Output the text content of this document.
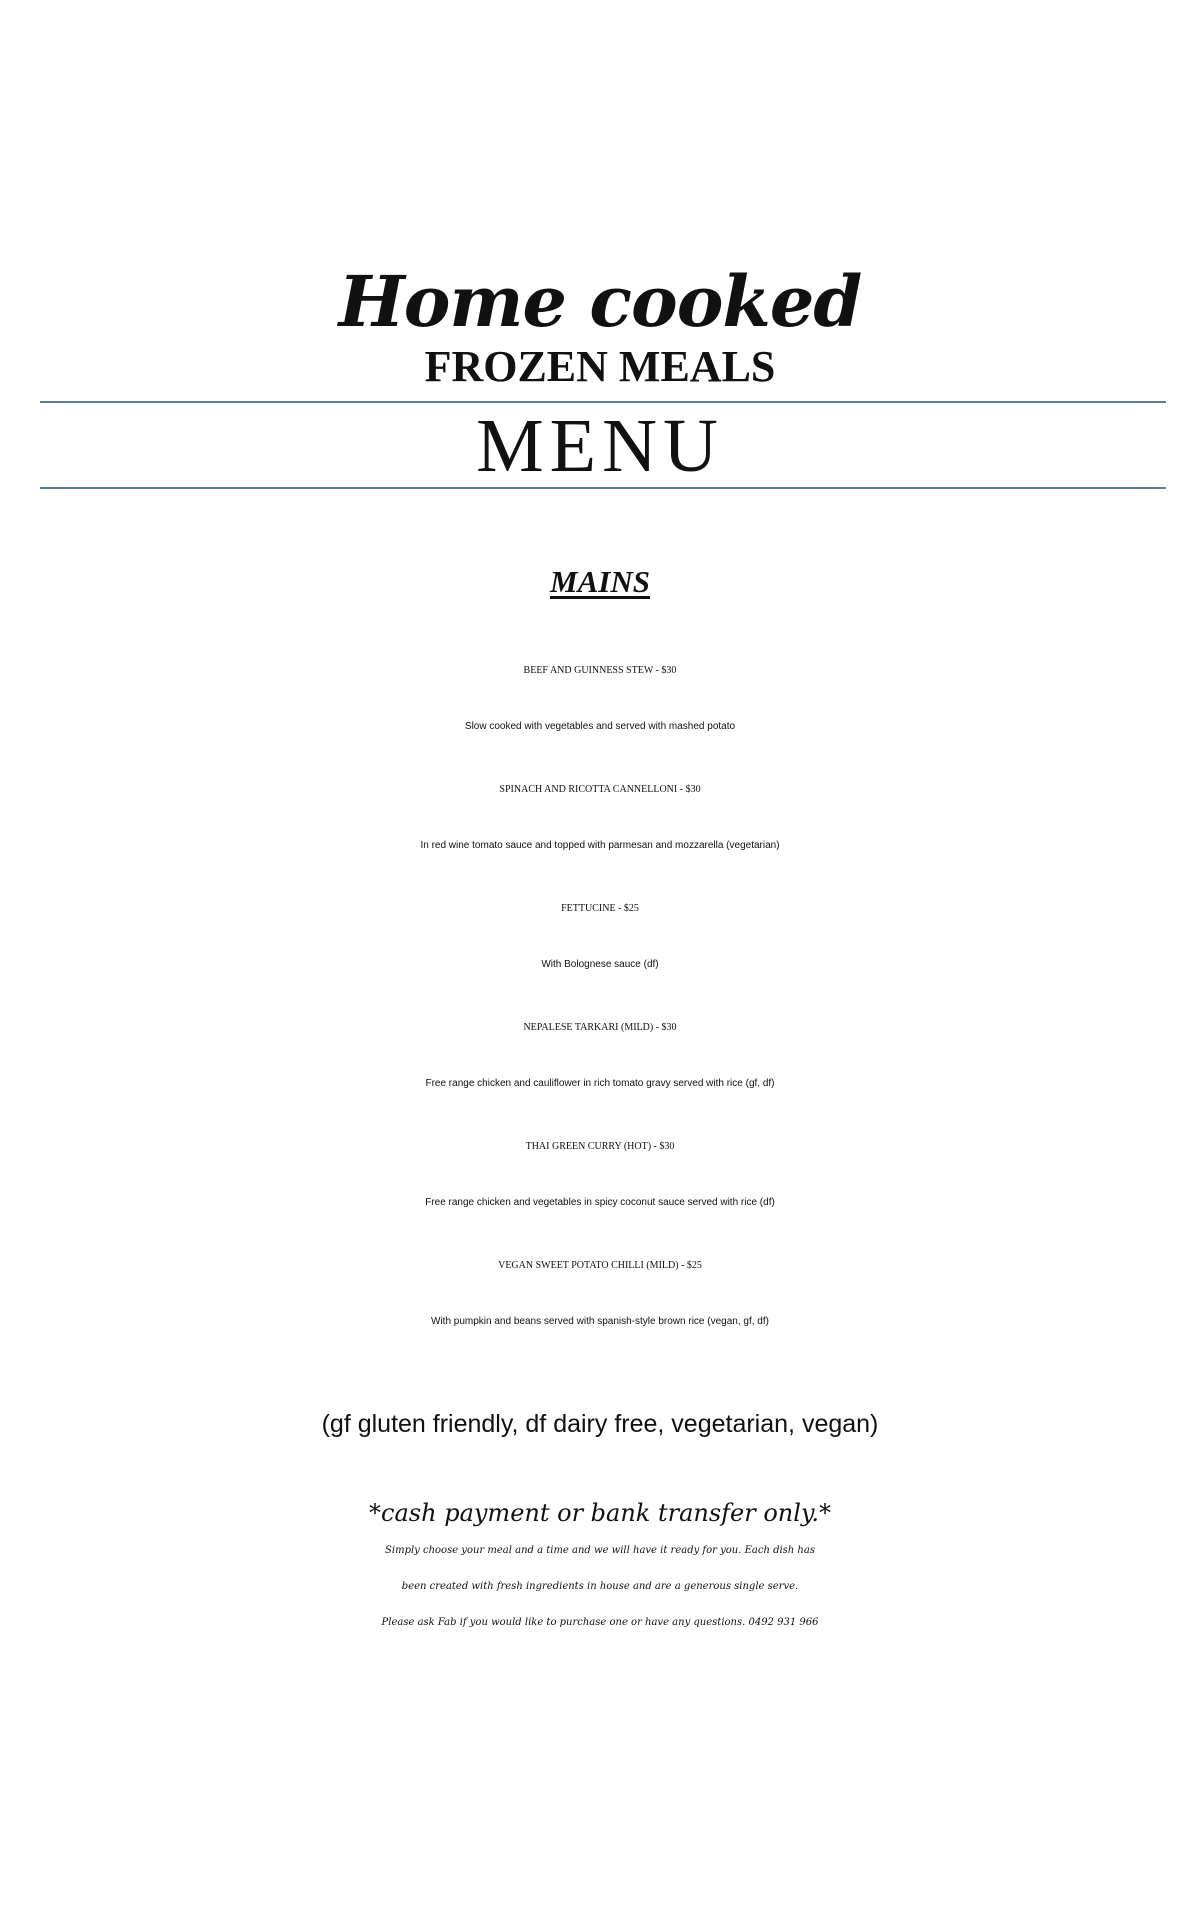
Home cooked
FROZEN MEALS
MENU
MAINS
BEEF AND GUINNESS STEW - $30
Slow cooked with vegetables and served with mashed potato
SPINACH AND RICOTTA CANNELLONI - $30
In red wine tomato sauce and topped with parmesan and mozzarella (vegetarian)
FETTUCINE - $25
With Bolognese sauce (df)
NEPALESE TARKARI (MILD) - $30
Free range chicken and cauliflower in rich tomato gravy served with rice (gf, df)
THAI GREEN CURRY (HOT) - $30
Free range chicken and vegetables in spicy coconut sauce served with rice (df)
VEGAN SWEET POTATO CHILLI (MILD) - $25
With pumpkin and beans served with spanish-style brown rice (vegan, gf, df)
(gf gluten friendly, df dairy free, vegetarian, vegan)
*cash payment or bank transfer only.*
Simply choose your meal and a time and we will have it ready for you. Each dish has
been created with fresh ingredients in house and are a generous single serve.
Please ask Fab if you would like to purchase one or have any questions. 0492 931 966
